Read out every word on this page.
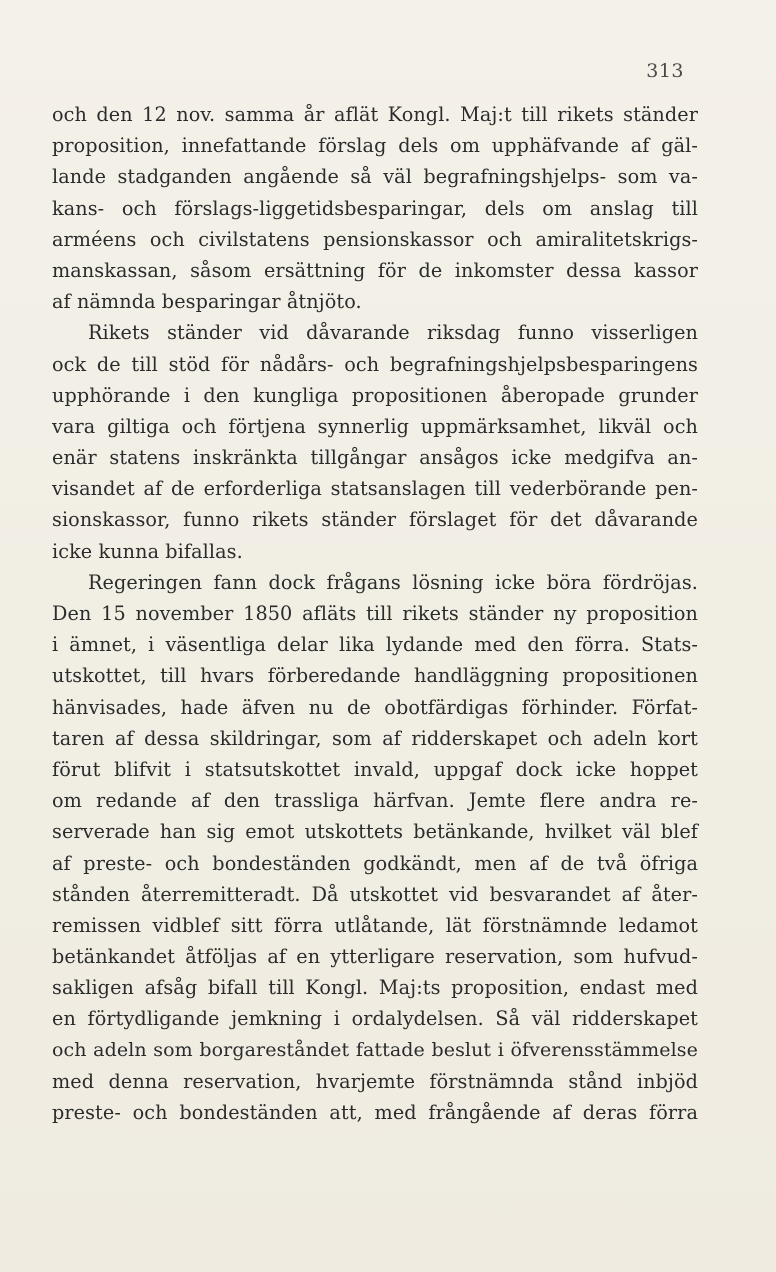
313
och den 12 nov. samma år aflät Kongl. Maj:t till rikets ständer
proposition, innefattande förslag dels om upphäfvande af gäl-
lande stadganden angående så väl begrafningshjelps- som va-
kans- och förslags-liggetidsbesparingar, dels om anslag till
arméens och civilstatens pensionskassor och amiralitetskrigs-
manskassan, såsom ersättning för de inkomster dessa kassor
af nämnda besparingar åtnjöto.
Rikets ständer vid dåvarande riksdag funno visserligen
ock de till stöd för nådårs- och begrafningshjelpsbesparingens
upphörande i den kungliga propositionen åberopade grunder
vara giltiga och förtjena synnerlig uppmärksamhet, likväl och
enär statens inskränkta tillgångar ansågos icke medgifva an-
visandet af de erforderliga statsanslagen till vederbörande pen-
sionskassor, funno rikets ständer förslaget för det dåvarande
icke kunna bifallas.
Regeringen fann dock frågans lösning icke böra fördröjas.
Den 15 november 1850 afläts till rikets ständer ny proposition
i ämnet, i väsentliga delar lika lydande med den förra. Stats-
utskottet, till hvars förberedande handläggning propositionen
hänvisades, hade äfven nu de obotfärdigas förhinder. Förfat-
taren af dessa skildringar, som af ridderskapet och adeln kort
förut blifvit i statsutskottet invald, uppgaf dock icke hoppet
om redande af den trassliga härfvan. Jemte flere andra re-
serverade han sig emot utskottets betänkande, hvilket väl blef
af preste- och bondeständen godkändt, men af de två öfriga
stånden återremitteradt. Då utskottet vid besvarandet af åter-
remissen vidblef sitt förra utlåtande, lät förstnämnde ledamot
betänkandet åtföljas af en ytterligare reservation, som hufvud-
sakligen afsåg bifall till Kongl. Maj:ts proposition, endast med
en förtydligande jemkning i ordalydelsen. Så väl ridderskapet
och adeln som borgareståndet fattade beslut i öfverensstämmelse
med denna reservation, hvarjemte förstnämnda stånd inbjöd
preste- och bondeständen att, med frångående af deras förra
